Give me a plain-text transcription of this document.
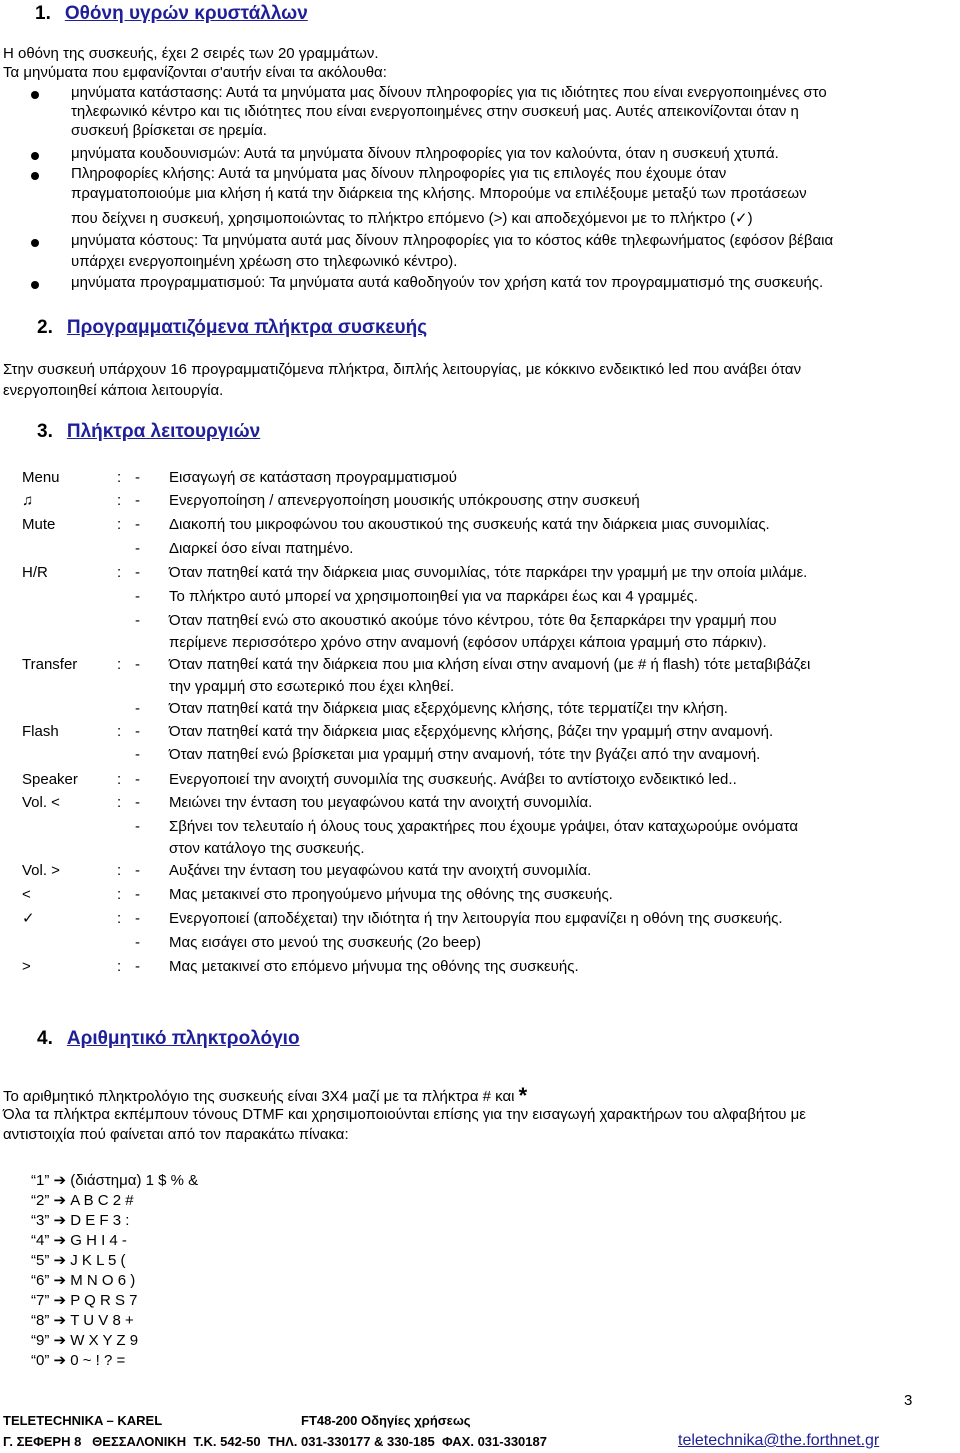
1. Οθόνη υγρών κρυστάλλων
Η οθόνη της συσκευής, έχει 2 σειρές των 20 γραμμάτων.
Τα μηνύματα που εμφανίζονται σ'αυτήν είναι τα ακόλουθα:
μηνύματα κατάστασης: Αυτά τα μηνύματα μας δίνουν πληροφορίες για τις ιδιότητες που είναι ενεργοποιημένες στο
τηλεφωνικό κέντρο και τις ιδιότητες που είναι ενεργοποιημένες στην συσκευή μας. Αυτές απεικονίζονται όταν η
συσκευή βρίσκεται σε ηρεμία.
μηνύματα κουδουνισμών: Αυτά τα μηνύματα δίνουν πληροφορίες για τον καλούντα, όταν η συσκευή χτυπά.
Πληροφορίες κλήσης: Αυτά τα μηνύματα μας δίνουν πληροφορίες για τις επιλογές που έχουμε όταν
πραγματοποιούμε μια κλήση ή κατά την διάρκεια της κλήσης. Μπορούμε να επιλέξουμε μεταξύ των προτάσεων
που δείχνει η συσκευή, χρησιμοποιώντας το πλήκτρο επόμενο (>) και αποδεχόμενοι με το πλήκτρο (✓)
μηνύματα κόστους: Τα μηνύματα αυτά μας δίνουν πληροφορίες για το κόστος κάθε τηλεφωνήματος (εφόσον βέβαια
υπάρχει ενεργοποιημένη χρέωση στο τηλεφωνικό κέντρο).
μηνύματα προγραμματισμού: Τα μηνύματα αυτά καθοδηγούν τον χρήση κατά τον προγραμματισμό της συσκευής.
2. Προγραμματιζόμενα πλήκτρα συσκευής
Στην συσκευή υπάρχουν 16 προγραμματιζόμενα πλήκτρα, διπλής λειτουργίας, με κόκκινο ενδεικτικό led που ανάβει όταν
ενεργοποιηθεί κάποια λειτουργία.
3. Πλήκτρα λειτουργιών
Menu	: - Εισαγωγή σε κατάσταση προγραμματισμού
♫	: - Ενεργοποίηση / απενεργοποίηση μουσικής υπόκρουσης στην συσκευή
Mute	: - Διακοπή του μικροφώνου του ακουστικού της συσκευής κατά την διάρκεια μιας συνομιλίας.
- Διαρκεί όσο είναι πατημένο.
H/R	: - Όταν πατηθεί κατά την διάρκεια μιας συνομιλίας, τότε παρκάρει την γραμμή με την οποία μιλάμε.
- Το πλήκτρο αυτό μπορεί να χρησιμοποιηθεί για να παρκάρει έως και 4 γραμμές.
- Όταν πατηθεί ενώ στο ακουστικό ακούμε τόνο κέντρου, τότε θα ξεπαρκάρει την γραμμή που
περίμενε περισσότερο χρόνο στην αναμονή (εφόσον υπάρχει κάποια γραμμή στο πάρκιν).
Transfer	: - Όταν πατηθεί κατά την διάρκεια που μια κλήση είναι στην αναμονή (με # ή flash) τότε μεταβιβάζει
την γραμμή στο εσωτερικό που έχει κληθεί.
- Όταν πατηθεί κατά την διάρκεια μιας εξερχόμενης κλήσης, τότε τερματίζει την κλήση.
Flash	: - Όταν πατηθεί κατά την διάρκεια μιας εξερχόμενης κλήσης, βάζει την γραμμή στην αναμονή.
- Όταν πατηθεί ενώ βρίσκεται μια γραμμή στην αναμονή, τότε την βγάζει από την αναμονή.
Speaker	: - Ενεργοποιεί την ανοιχτή συνομιλία της συσκευής. Ανάβει το αντίστοιχο ενδεικτικό led..
Vol. <	: - Μειώνει την ένταση του μεγαφώνου κατά την ανοιχτή συνομιλία.
- Σβήνει τον τελευταίο ή όλους τους χαρακτήρες που έχουμε γράψει, όταν καταχωρούμε ονόματα
στον κατάλογο της συσκευής.
Vol. >	: - Αυξάνει την ένταση του μεγαφώνου κατά την ανοιχτή συνομιλία.
<	: - Μας μετακινεί στο προηγούμενο μήνυμα της οθόνης της συσκευής.
✓	: - Ενεργοποιεί (αποδέχεται) την ιδιότητα ή την λειτουργία που εμφανίζει η οθόνη της συσκευής.
- Μας εισάγει στο μενού της συσκευής (2o beep)
>	: - Μας μετακινεί στο επόμενο μήνυμα της οθόνης της συσκευής.
4. Αριθμητικό πληκτρολόγιο
Το αριθμητικό πληκτρολόγιο της συσκευής είναι 3Χ4 μαζί με τα πλήκτρα # και *
Όλα τα πλήκτρα εκπέμπουν τόνους DTMF και χρησιμοποιούνται επίσης για την εισαγωγή χαρακτήρων του αλφαβήτου με
αντιστοιχία πού φαίνεται από τον παρακάτω πίνακα:
“1” ➔ (διάστημα) 1 $ % &
“2” ➔ A B C 2 #
“3” ➔ D E F 3 :
“4” ➔ G H I 4 -
“5” ➔ J K L 5 (
“6” ➔ M N O 6 )
“7” ➔ P Q R S 7
“8” ➔ T U V 8 +
“9” ➔ W X Y Z 9
“0” ➔ 0 ~ ! ? =
3
TELETECHNIKA – KAREL	FT48-200 Οδηγίες χρήσεως
Γ. ΣΕΦΕΡΗ 8   ΘΕΣΣΑΛΟΝΙΚΗ  Τ.Κ. 542-50  ΤΗΛ. 031-330177 & 330-185  ΦΑΧ. 031-330187	teletechnika@the.forthnet.gr
